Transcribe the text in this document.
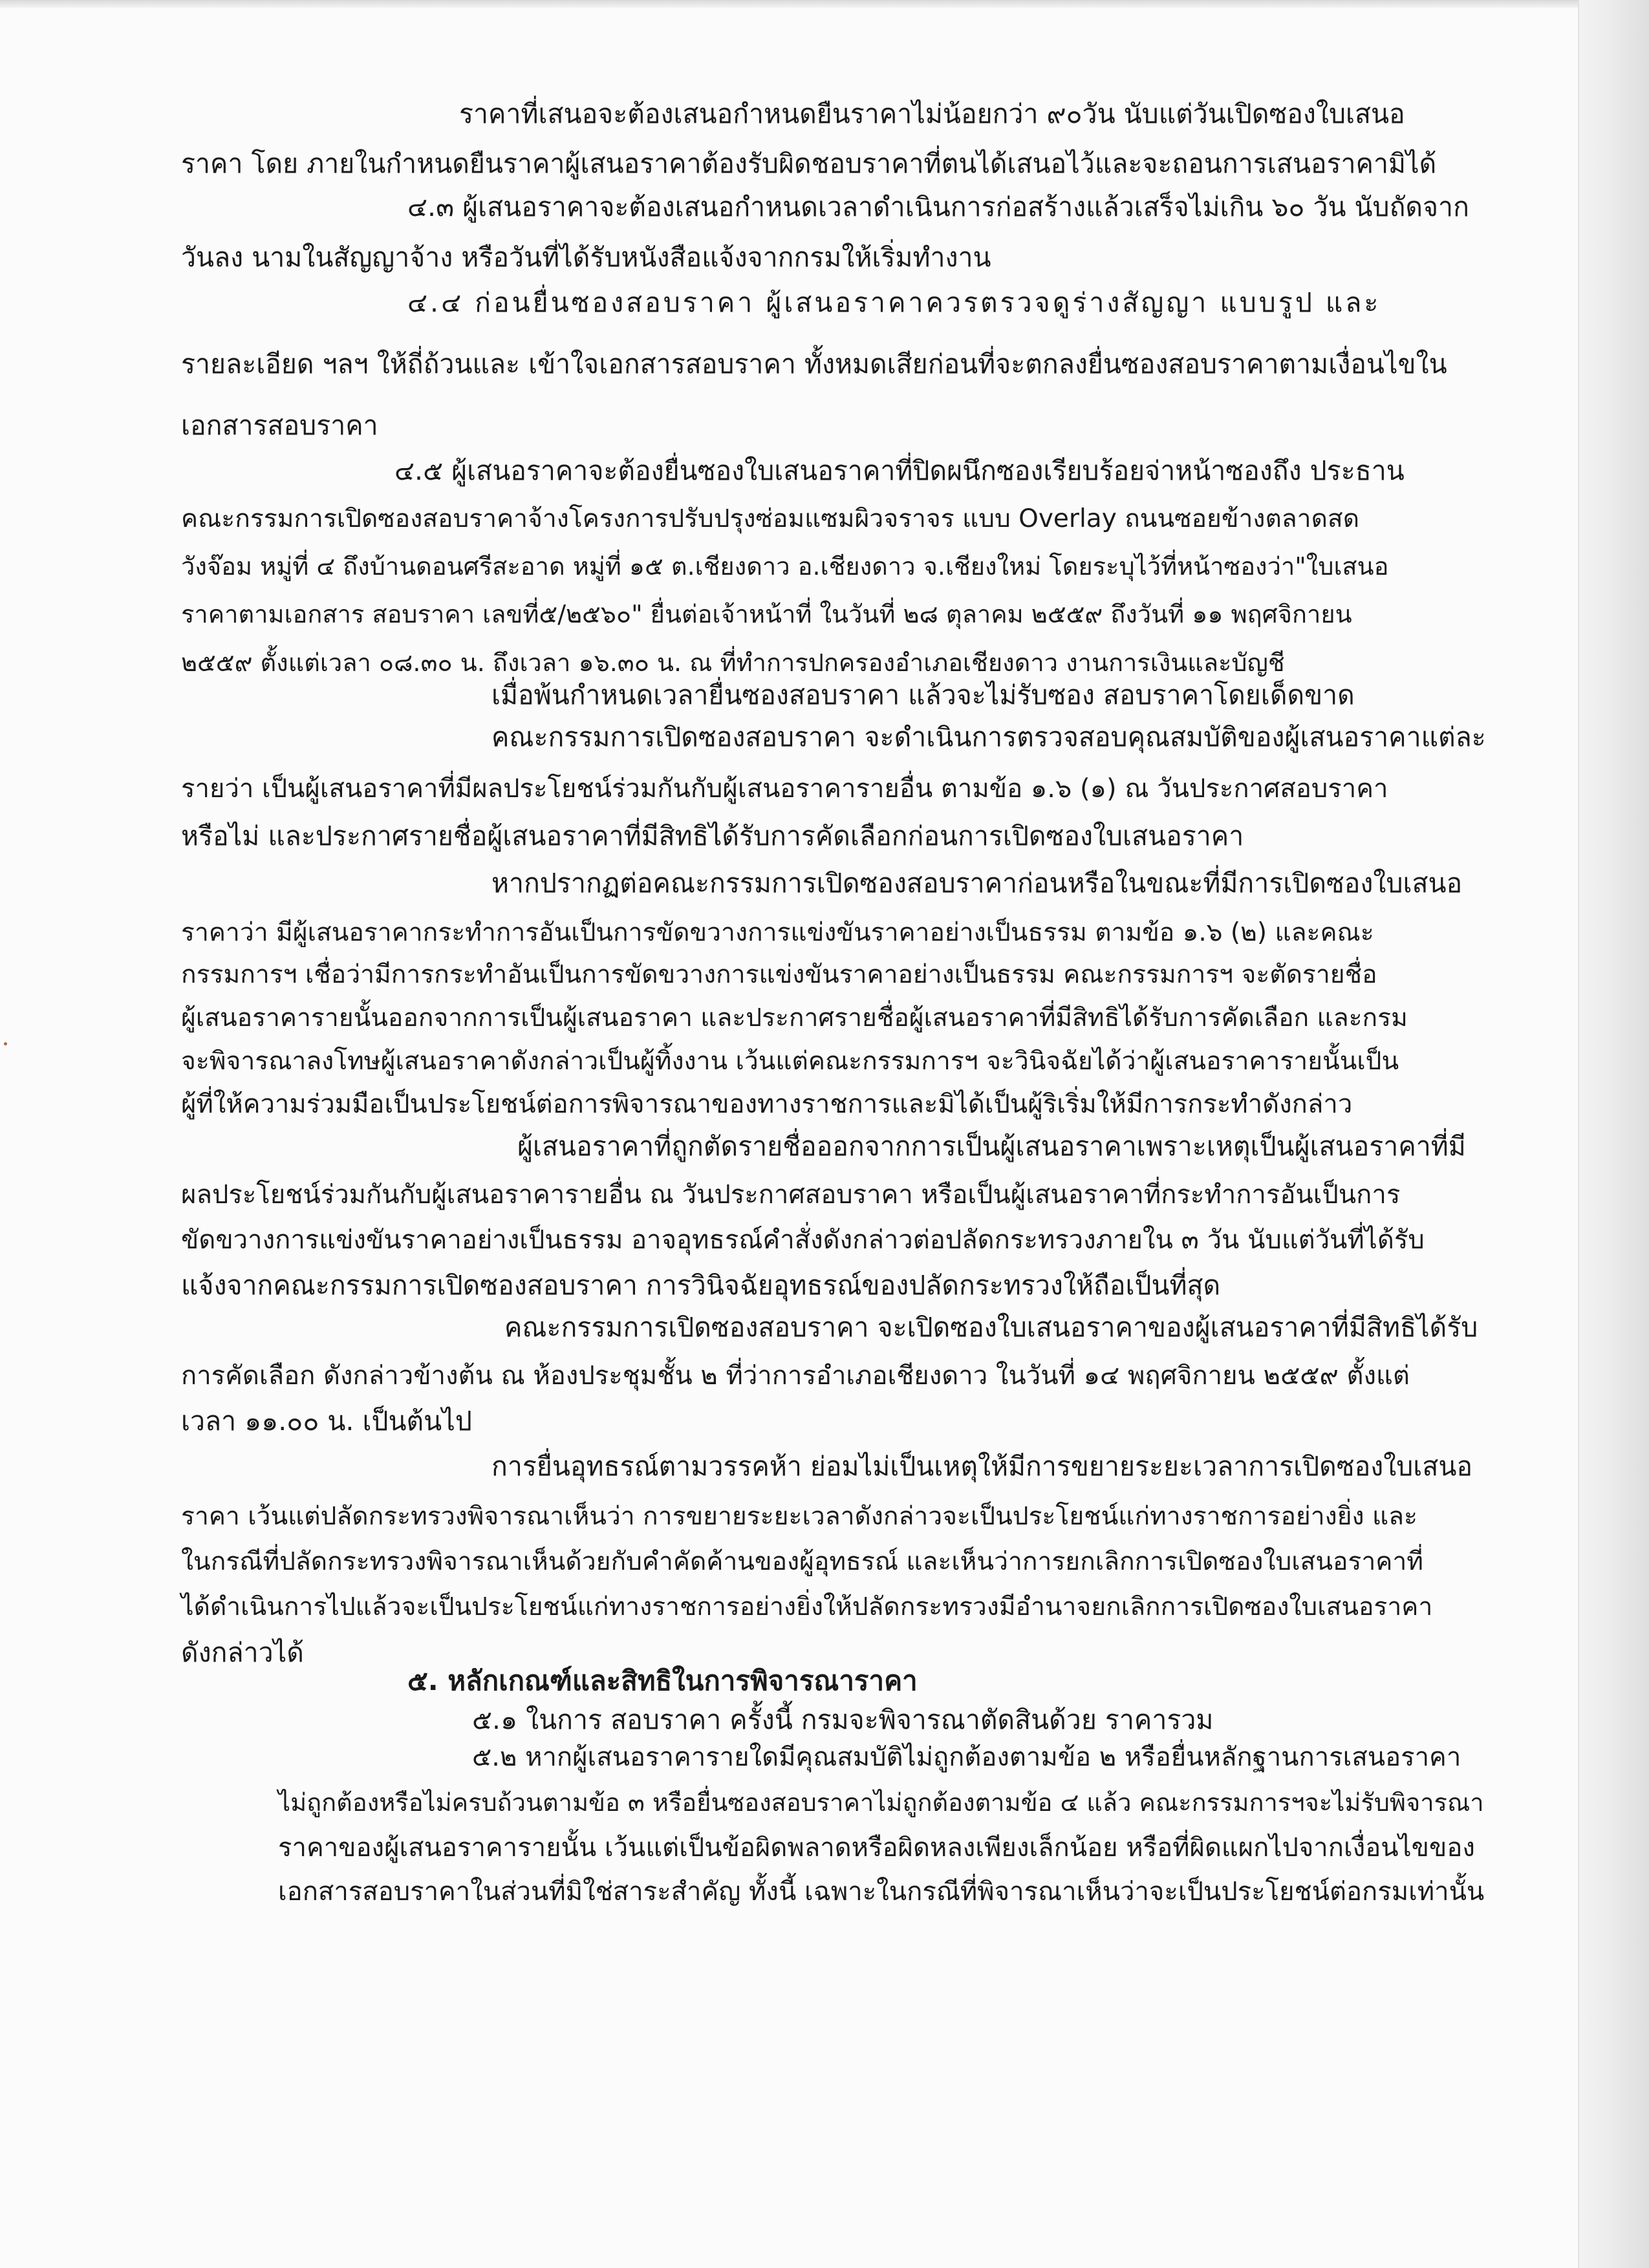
ราคาที่เสนอจะต้องเสนอกำหนดยืนราคาไม่น้อยกว่า ๙๐วัน นับแต่วันเปิดซองใบเสนอ
ราคา โดย ภายในกำหนดยืนราคาผู้เสนอราคาต้องรับผิดชอบราคาที่ตนได้เสนอไว้และจะถอนการเสนอราคามิได้
๔.๓ ผู้เสนอราคาจะต้องเสนอกำหนดเวลาดำเนินการก่อสร้างแล้วเสร็จไม่เกิน ๖๐ วัน นับถัดจาก
วันลง นามในสัญญาจ้าง หรือวันที่ได้รับหนังสือแจ้งจากกรมให้เริ่มทำงาน
๔.๔ ก่อนยื่นซองสอบราคา ผู้เสนอราคาควรตรวจดูร่างสัญญา แบบรูป และ
รายละเอียด ฯลฯ ให้ถี่ถ้วนและ เข้าใจเอกสารสอบราคา ทั้งหมดเสียก่อนที่จะตกลงยื่นซองสอบราคาตามเงื่อนไขใน
เอกสารสอบราคา
๔.๕ ผู้เสนอราคาจะต้องยื่นซองใบเสนอราคาที่ปิดผนึกซองเรียบร้อยจ่าหน้าซองถึง ประธาน
คณะกรรมการเปิดซองสอบราคาจ้างโครงการปรับปรุงซ่อมแซมผิวจราจร แบบ Overlay ถนนซอยข้างตลาดสด
วังจ๊อม หมู่ที่ ๔ ถึงบ้านดอนศรีสะอาด หมู่ที่ ๑๕ ต.เชียงดาว อ.เชียงดาว จ.เชียงใหม่ โดยระบุไว้ที่หน้าซองว่า"ใบเสนอ
ราคาตามเอกสาร สอบราคา เลขที่๕/๒๕๖๐" ยื่นต่อเจ้าหน้าที่ ในวันที่ ๒๘ ตุลาคม ๒๕๕๙ ถึงวันที่ ๑๑ พฤศจิกายน
๒๕๕๙ ตั้งแต่เวลา ๐๘.๓๐ น. ถึงเวลา ๑๖.๓๐ น. ณ ที่ทำการปกครองอำเภอเชียงดาว งานการเงินและบัญชี
เมื่อพ้นกำหนดเวลายื่นซองสอบราคา แล้วจะไม่รับซอง สอบราคาโดยเด็ดขาด
คณะกรรมการเปิดซองสอบราคา จะดำเนินการตรวจสอบคุณสมบัติของผู้เสนอราคาแต่ละ
รายว่า เป็นผู้เสนอราคาที่มีผลประโยชน์ร่วมกันกับผู้เสนอราคารายอื่น ตามข้อ ๑.๖ (๑) ณ วันประกาศสอบราคา
หรือไม่ และประกาศรายชื่อผู้เสนอราคาที่มีสิทธิได้รับการคัดเลือกก่อนการเปิดซองใบเสนอราคา
หากปรากฏต่อคณะกรรมการเปิดซองสอบราคาก่อนหรือในขณะที่มีการเปิดซองใบเสนอ
ราคาว่า มีผู้เสนอราคากระทำการอันเป็นการขัดขวางการแข่งขันราคาอย่างเป็นธรรม ตามข้อ ๑.๖ (๒) และคณะ
กรรมการฯ เชื่อว่ามีการกระทำอันเป็นการขัดขวางการแข่งขันราคาอย่างเป็นธรรม คณะกรรมการฯ จะตัดรายชื่อ
ผู้เสนอราคารายนั้นออกจากการเป็นผู้เสนอราคา และประกาศรายชื่อผู้เสนอราคาที่มีสิทธิได้รับการคัดเลือก และกรม
จะพิจารณาลงโทษผู้เสนอราคาดังกล่าวเป็นผู้ทิ้งงาน เว้นแต่คณะกรรมการฯ จะวินิจฉัยได้ว่าผู้เสนอราคารายนั้นเป็น
ผู้ที่ให้ความร่วมมือเป็นประโยชน์ต่อการพิจารณาของทางราชการและมิได้เป็นผู้ริเริ่มให้มีการกระทำดังกล่าว
ผู้เสนอราคาที่ถูกตัดรายชื่อออกจากการเป็นผู้เสนอราคาเพราะเหตุเป็นผู้เสนอราคาที่มี
ผลประโยชน์ร่วมกันกับผู้เสนอราคารายอื่น ณ วันประกาศสอบราคา หรือเป็นผู้เสนอราคาที่กระทำการอันเป็นการ
ขัดขวางการแข่งขันราคาอย่างเป็นธรรม อาจอุทธรณ์คำสั่งดังกล่าวต่อปลัดกระทรวงภายใน ๓ วัน นับแต่วันที่ได้รับ
แจ้งจากคณะกรรมการเปิดซองสอบราคา การวินิจฉัยอุทธรณ์ของปลัดกระทรวงให้ถือเป็นที่สุด
คณะกรรมการเปิดซองสอบราคา จะเปิดซองใบเสนอราคาของผู้เสนอราคาที่มีสิทธิได้รับ
การคัดเลือก ดังกล่าวข้างต้น ณ ห้องประชุมชั้น ๒ ที่ว่าการอำเภอเชียงดาว ในวันที่ ๑๔ พฤศจิกายน ๒๕๕๙ ตั้งแต่
เวลา ๑๑.๐๐ น. เป็นต้นไป
การยื่นอุทธรณ์ตามวรรคห้า ย่อมไม่เป็นเหตุให้มีการขยายระยะเวลาการเปิดซองใบเสนอ
ราคา เว้นแต่ปลัดกระทรวงพิจารณาเห็นว่า การขยายระยะเวลาดังกล่าวจะเป็นประโยชน์แก่ทางราชการอย่างยิ่ง และ
ในกรณีที่ปลัดกระทรวงพิจารณาเห็นด้วยกับคำคัดค้านของผู้อุทธรณ์ และเห็นว่าการยกเลิกการเปิดซองใบเสนอราคาที่
ได้ดำเนินการไปแล้วจะเป็นประโยชน์แก่ทางราชการอย่างยิ่งให้ปลัดกระทรวงมีอำนาจยกเลิกการเปิดซองใบเสนอราคา
ดังกล่าวได้
๕. หลักเกณฑ์และสิทธิในการพิจารณาราคา
๕.๑ ในการ สอบราคา ครั้งนี้ กรมจะพิจารณาตัดสินด้วย ราคารวม
๕.๒ หากผู้เสนอราคารายใดมีคุณสมบัติไม่ถูกต้องตามข้อ ๒ หรือยื่นหลักฐานการเสนอราคา
ไม่ถูกต้องหรือไม่ครบถ้วนตามข้อ ๓ หรือยื่นซองสอบราคาไม่ถูกต้องตามข้อ ๔ แล้ว คณะกรรมการฯจะไม่รับพิจารณา
ราคาของผู้เสนอราคารายนั้น เว้นแต่เป็นข้อผิดพลาดหรือผิดหลงเพียงเล็กน้อย หรือที่ผิดแผกไปจากเงื่อนไขของ
เอกสารสอบราคาในส่วนที่มิใช่สาระสำคัญ ทั้งนี้ เฉพาะในกรณีที่พิจารณาเห็นว่าจะเป็นประโยชน์ต่อกรมเท่านั้น
